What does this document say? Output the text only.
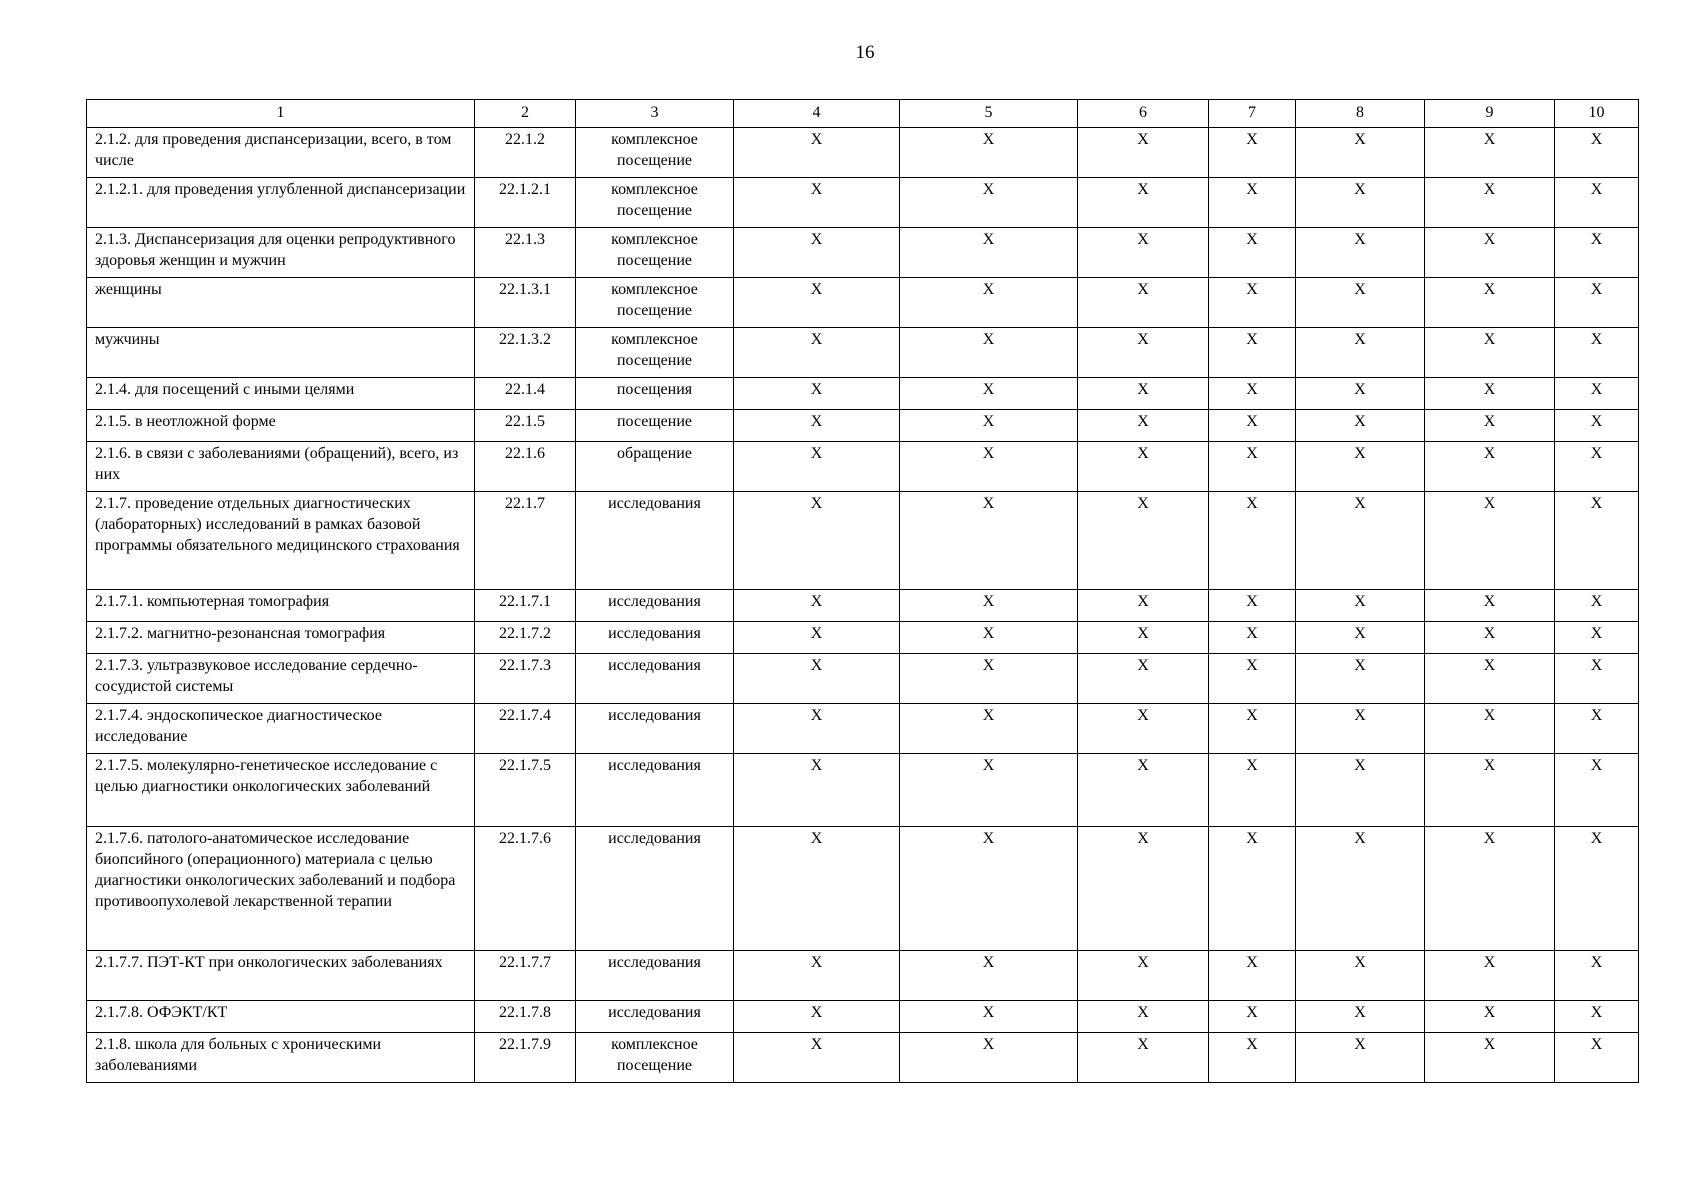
16
1	2	3	4	5	6	7	8	9	10
2.1.2. для проведения диспансеризации, всего, в том числе	22.1.2	комплексное посещение	X	X	X	X	X	X	X
2.1.2.1. для проведения углубленной диспансеризации	22.1.2.1	комплексное посещение	X	X	X	X	X	X	X
2.1.3. Диспансеризация для оценки репродуктивного здоровья женщин и мужчин	22.1.3	комплексное посещение	X	X	X	X	X	X	X
женщины	22.1.3.1	комплексное посещение	X	X	X	X	X	X	X
мужчины	22.1.3.2	комплексное посещение	X	X	X	X	X	X	X
2.1.4. для посещений с иными целями	22.1.4	посещения	X	X	X	X	X	X	X
2.1.5. в неотложной форме	22.1.5	посещение	X	X	X	X	X	X	X
2.1.6. в связи с заболеваниями (обращений), всего, из них	22.1.6	обращение	X	X	X	X	X	X	X
2.1.7. проведение отдельных диагностических (лабораторных) исследований в рамках базовой программы обязательного медицинского страхования	22.1.7	исследования	X	X	X	X	X	X	X
2.1.7.1. компьютерная томография	22.1.7.1	исследования	X	X	X	X	X	X	X
2.1.7.2. магнитно-резонансная томография	22.1.7.2	исследования	X	X	X	X	X	X	X
2.1.7.3. ультразвуковое исследование сердечно-сосудистой системы	22.1.7.3	исследования	X	X	X	X	X	X	X
2.1.7.4. эндоскопическое диагностическое исследование	22.1.7.4	исследования	X	X	X	X	X	X	X
2.1.7.5. молекулярно-генетическое исследование с целью диагностики онкологических заболеваний	22.1.7.5	исследования	X	X	X	X	X	X	X
2.1.7.6. патолого-анатомическое исследование биопсийного (операционного) материала с целью диагностики онкологических заболеваний и подбора противоопухолевой лекарственной терапии	22.1.7.6	исследования	X	X	X	X	X	X	X
2.1.7.7. ПЭТ-КТ при онкологических заболеваниях	22.1.7.7	исследования	X	X	X	X	X	X	X
2.1.7.8. ОФЭКТ/КТ	22.1.7.8	исследования	X	X	X	X	X	X	X
2.1.8. школа для больных с хроническими заболеваниями	22.1.7.9	комплексное посещение	X	X	X	X	X	X	X
